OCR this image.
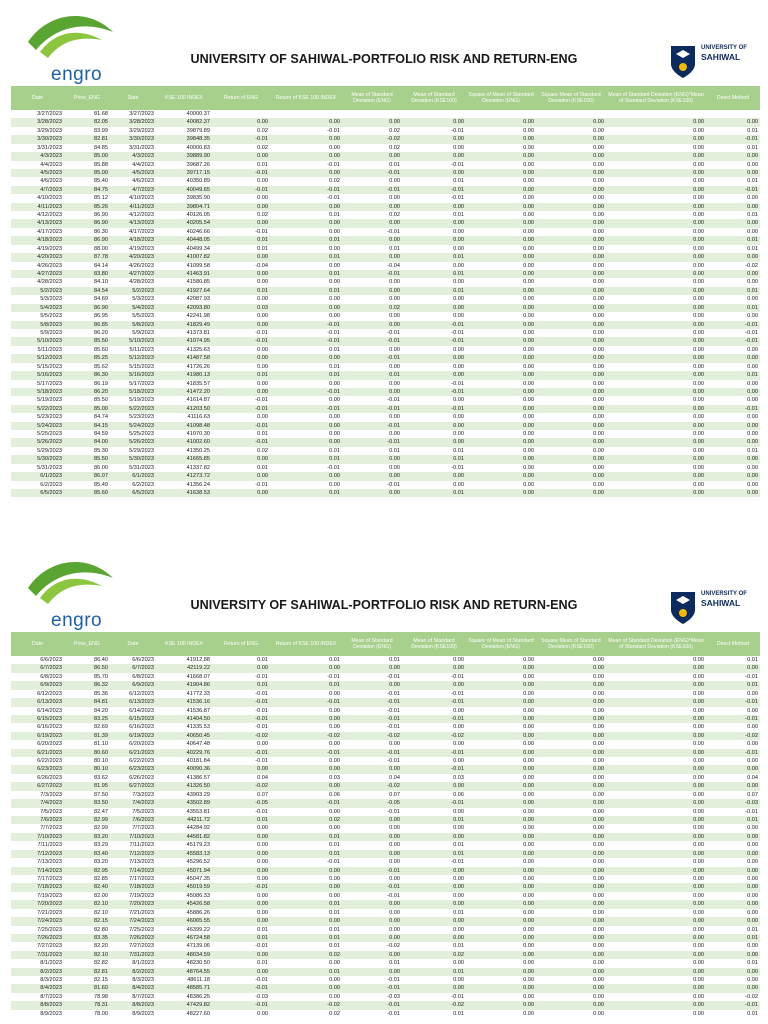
engro
UNIVERSITY OF SAHIWAL-PORTFOLIO RISK AND RETURN-ENG
UNIVERSITY OF
SAHIWAL
Date	Price_ENG	Date	KSE 100 INDEX	Return of ENG	Return of KSE 100 INDEX	Mean of Standard Deviation (ENG)	Mean of Standard Deviation (KSE100)	Square of Mean of Standard Deviation (ENG)	Square Mean of Standard Deviation (KSE100)	Mean of Standard Deviation (ENG)*Mean of Standard Deviation (KSE100)	Direct Method
3/27/2023	81.68	3/27/2023	40000.37								
3/28/2023	82.05	3/28/2023	40082.37	0.00	0.00	0.00	0.00	0.00	0.00	0.00	0.00
3/29/2023	83.99	3/29/2023	39879.89	0.02	-0.01	0.02	-0.01	0.00	0.00	0.00	0.01
3/30/2023	82.81	3/30/2023	39848.35	-0.01	0.00	-0.02	0.00	0.00	0.00	0.00	-0.01
3/31/2023	84.85	3/31/2023	40000.83	0.02	0.00	0.02	0.00	0.00	0.00	0.00	0.01
4/3/2023	85.00	4/3/2023	39889.90	0.00	0.00	0.00	0.00	0.00	0.00	0.00	0.00
4/4/2023	85.88	4/4/2023	39687.26	0.01	-0.01	0.01	-0.01	0.00	0.00	0.00	0.00
4/5/2023	85.00	4/5/2023	39717.15	-0.01	0.00	-0.01	0.00	0.00	0.00	0.00	0.00
4/6/2023	85.40	4/6/2023	40350.89	0.00	0.02	0.00	0.01	0.00	0.00	0.00	0.01
4/7/2023	84.75	4/7/2023	40049.65	-0.01	-0.01	-0.01	-0.01	0.00	0.00	0.00	-0.01
4/10/2023	85.12	4/10/2023	39835.90	0.00	-0.01	0.00	-0.01	0.00	0.00	0.00	0.00
4/11/2023	85.26	4/11/2023	39804.71	0.00	0.00	0.00	0.00	0.00	0.00	0.00	0.00
4/12/2023	86.90	4/12/2023	40126.05	0.02	0.01	0.02	0.01	0.00	0.00	0.00	0.01
4/13/2023	86.90	4/13/2023	40205.54	0.00	0.00	0.00	0.00	0.00	0.00	0.00	0.00
4/17/2023	86.30	4/17/2023	40246.66	-0.01	0.00	-0.01	0.00	0.00	0.00	0.00	0.00
4/18/2023	86.90	4/18/2023	40448.05	0.01	0.01	0.00	0.00	0.00	0.00	0.00	0.01
4/19/2023	88.00	4/19/2023	40499.34	0.01	0.00	0.01	0.00	0.00	0.00	0.00	0.01
4/20/2023	87.78	4/20/2023	41007.82	0.00	0.01	0.00	0.01	0.00	0.00	0.00	0.00
4/26/2023	84.14	4/26/2023	41099.58	-0.04	0.00	-0.04	0.00	0.00	0.00	0.00	-0.02
4/27/2023	83.80	4/27/2023	41463.91	0.00	0.01	-0.01	0.01	0.00	0.00	0.00	0.00
4/28/2023	84.10	4/28/2023	41580.85	0.00	0.00	0.00	0.00	0.00	0.00	0.00	0.00
5/2/2023	84.54	5/2/2023	41927.64	0.01	0.01	0.00	0.01	0.00	0.00	0.00	0.01
5/3/2023	84.69	5/3/2023	42087.93	0.00	0.00	0.00	0.00	0.00	0.00	0.00	0.00
5/4/2023	86.90	5/4/2023	42093.80	0.03	0.00	0.02	0.00	0.00	0.00	0.00	0.01
5/5/2023	86.95	5/5/2023	42241.98	0.00	0.00	0.00	0.00	0.00	0.00	0.00	0.00
5/8/2023	86.85	5/8/2023	41829.49	0.00	-0.01	0.00	-0.01	0.00	0.00	0.00	-0.01
5/9/2023	86.20	5/9/2023	41373.81	-0.01	-0.01	-0.01	-0.01	0.00	0.00	0.00	-0.01
5/10/2023	85.50	5/10/2023	41074.95	-0.01	-0.01	-0.01	-0.01	0.00	0.00	0.00	-0.01
5/11/2023	85.60	5/11/2023	41325.63	0.00	0.01	0.00	0.00	0.00	0.00	0.00	0.00
5/12/2023	85.25	5/12/2023	41487.58	0.00	0.00	-0.01	0.00	0.00	0.00	0.00	0.00
5/15/2023	85.62	5/15/2023	41726.26	0.00	0.01	0.00	0.00	0.00	0.00	0.00	0.00
5/16/2023	86.30	5/16/2023	41980.13	0.01	0.01	0.01	0.00	0.00	0.00	0.00	0.01
5/17/2023	86.19	5/17/2023	41835.57	0.00	0.00	0.00	-0.01	0.00	0.00	0.00	0.00
5/18/2023	86.20	5/18/2023	41472.20	0.00	-0.01	0.00	-0.01	0.00	0.00	0.00	0.00
5/19/2023	85.50	5/19/2023	41614.87	-0.01	0.00	-0.01	0.00	0.00	0.00	0.00	0.00
5/22/2023	85.00	5/22/2023	41203.50	-0.01	-0.01	-0.01	-0.01	0.00	0.00	0.00	-0.01
5/23/2023	84.74	5/23/2023	41116.63	0.00	0.00	0.00	0.00	0.00	0.00	0.00	0.00
5/24/2023	84.15	5/24/2023	41098.48	-0.01	0.00	-0.01	0.00	0.00	0.00	0.00	0.00
5/25/2023	84.59	5/25/2023	41070.30	0.01	0.00	0.00	0.00	0.00	0.00	0.00	0.00
5/26/2023	84.00	5/26/2023	41002.60	-0.01	0.00	-0.01	0.00	0.00	0.00	0.00	0.00
5/29/2023	85.30	5/29/2023	41350.25	0.02	0.01	0.01	0.01	0.00	0.00	0.00	0.01
5/30/2023	85.50	5/30/2023	41665.85	0.00	0.01	0.00	0.01	0.00	0.00	0.00	0.00
5/31/2023	86.00	5/31/2023	41337.82	0.01	-0.01	0.00	-0.01	0.00	0.00	0.00	0.00
6/1/2023	86.07	6/1/2023	41273.72	0.00	0.00	0.00	0.00	0.00	0.00	0.00	0.00
6/2/2023	85.49	6/2/2023	41356.24	-0.01	0.00	-0.01	0.00	0.00	0.00	0.00	0.00
6/5/2023	85.60	6/5/2023	41638.53	0.00	0.01	0.00	0.01	0.00	0.00	0.00	0.00
engro
UNIVERSITY OF SAHIWAL-PORTFOLIO RISK AND RETURN-ENG
UNIVERSITY OF
SAHIWAL
Date	Price_ENG	Date	KSE 100 INDEX	Return of ENG	Return of KSE 100 INDEX	Mean of Standard Deviation (ENG)	Mean of Standard Deviation (KSE100)	Square of Mean of Standard Deviation (ENG)	Square Mean of Standard Deviation (KSE100)	Mean of Standard Deviation (ENG)*Mean of Standard Deviation (KSE100)	Direct Method
6/6/2023	86.40	6/6/2023	41912.88	0.01	0.01	0.01	0.00	0.00	0.00	0.00	0.01
6/7/2023	86.50	6/7/2023	42119.22	0.00	0.00	0.00	0.00	0.00	0.00	0.00	0.00
6/8/2023	85.70	6/8/2023	41668.07	-0.01	-0.01	-0.01	-0.01	0.00	0.00	0.00	-0.01
6/9/2023	86.32	6/9/2023	41904.86	0.01	0.01	0.00	0.00	0.00	0.00	0.00	0.01
6/12/2023	85.36	6/12/2023	41772.33	-0.01	0.00	-0.01	-0.01	0.00	0.00	0.00	0.00
6/13/2023	84.81	6/13/2023	41536.16	-0.01	-0.01	-0.01	-0.01	0.00	0.00	0.00	-0.01
6/14/2023	84.20	6/14/2023	41536.87	-0.01	0.00	-0.01	0.00	0.00	0.00	0.00	0.00
6/15/2023	83.25	6/15/2023	41404.50	-0.01	0.00	-0.01	-0.01	0.00	0.00	0.00	-0.01
6/16/2023	82.69	6/16/2023	41335.53	-0.01	0.00	-0.01	0.00	0.00	0.00	0.00	0.00
6/19/2023	81.39	6/19/2023	40650.45	-0.02	-0.02	-0.02	-0.02	0.00	0.00	0.00	-0.02
6/20/2023	81.10	6/20/2023	40647.48	0.00	0.00	0.00	0.00	0.00	0.00	0.00	0.00
6/21/2023	80.60	6/21/2023	40229.76	-0.01	-0.01	-0.01	-0.01	0.00	0.00	0.00	-0.01
6/22/2023	80.10	6/22/2023	40181.84	-0.01	0.00	-0.01	0.00	0.00	0.00	0.00	0.00
6/23/2023	80.10	6/23/2023	40090.36	0.00	0.00	0.00	-0.01	0.00	0.00	0.00	0.00
6/26/2023	83.62	6/26/2023	41386.57	0.04	0.03	0.04	0.03	0.00	0.00	0.00	0.04
6/27/2023	81.95	6/27/2023	41326.50	-0.02	0.00	-0.02	0.00	0.00	0.00	0.00	0.00
7/3/2023	87.50	7/3/2023	43903.29	0.07	0.06	0.07	0.06	0.00	0.00	0.00	0.07
7/4/2023	83.50	7/4/2023	43502.89	-0.05	-0.01	-0.05	-0.01	0.00	0.00	0.00	-0.03
7/5/2023	82.47	7/5/2023	43553.81	-0.01	0.00	-0.01	0.00	0.00	0.00	0.00	-0.01
7/6/2023	82.99	7/6/2023	44211.72	0.01	0.02	0.00	0.01	0.00	0.00	0.00	0.01
7/7/2023	82.99	7/7/2023	44284.92	0.00	0.00	0.00	0.00	0.00	0.00	0.00	0.00
7/10/2023	83.20	7/10/2023	44581.82	0.00	0.01	0.00	0.00	0.00	0.00	0.00	0.00
7/11/2023	83.29	7/11/2023	45179.23	0.00	0.01	0.00	0.01	0.00	0.00	0.00	0.00
7/12/2023	83.40	7/12/2023	45583.13	0.00	0.01	0.00	0.01	0.00	0.00	0.00	0.00
7/13/2023	83.20	7/13/2023	45296.52	0.00	-0.01	0.00	-0.01	0.00	0.00	0.00	0.00
7/14/2023	82.95	7/14/2023	45071.94	0.00	0.00	-0.01	0.00	0.00	0.00	0.00	0.00
7/17/2023	82.85	7/17/2023	45047.35	0.00	0.00	0.00	0.00	0.00	0.00	0.00	0.00
7/18/2023	82.40	7/18/2023	45019.59	-0.01	0.00	-0.01	0.00	0.00	0.00	0.00	0.00
7/19/2023	82.00	7/19/2023	45086.33	0.00	0.00	-0.01	0.00	0.00	0.00	0.00	0.00
7/20/2023	82.10	7/20/2023	45426.58	0.00	0.01	0.00	0.00	0.00	0.00	0.00	0.00
7/21/2023	82.10	7/21/2023	45886.26	0.00	0.01	0.00	0.01	0.00	0.00	0.00	0.00
7/24/2023	82.15	7/24/2023	46065.55	0.00	0.00	0.00	0.00	0.00	0.00	0.00	0.00
7/25/2023	82.80	7/25/2023	46399.22	0.01	0.01	0.00	0.00	0.00	0.00	0.00	0.01
7/26/2023	83.35	7/26/2023	46724.58	0.01	0.01	0.00	0.00	0.00	0.00	0.00	0.01
7/27/2023	82.20	7/27/2023	47139.06	-0.01	0.01	-0.02	0.01	0.00	0.00	0.00	0.00
7/31/2023	82.10	7/31/2023	48034.59	0.00	0.02	0.00	0.02	0.00	0.00	0.00	0.00
8/1/2023	82.82	8/1/2023	48230.50	0.01	0.00	0.01	0.00	0.00	0.00	0.00	0.01
8/2/2023	82.81	8/2/2023	48764.55	0.00	0.01	0.00	0.01	0.00	0.00	0.00	0.00
8/3/2023	82.15	8/3/2023	48611.18	-0.01	0.00	-0.01	0.00	0.00	0.00	0.00	0.00
8/4/2023	81.60	8/4/2023	48585.71	-0.01	0.00	-0.01	0.00	0.00	0.00	0.00	0.00
8/7/2023	78.98	8/7/2023	48386.25	-0.03	0.00	-0.03	-0.01	0.00	0.00	0.00	-0.02
8/8/2023	78.31	8/8/2023	47429.82	-0.01	-0.02	-0.01	-0.02	0.00	0.00	0.00	-0.01
8/9/2023	78.00	8/9/2023	48227.60	0.00	0.02	-0.01	0.01	0.00	0.00	0.00	0.01
